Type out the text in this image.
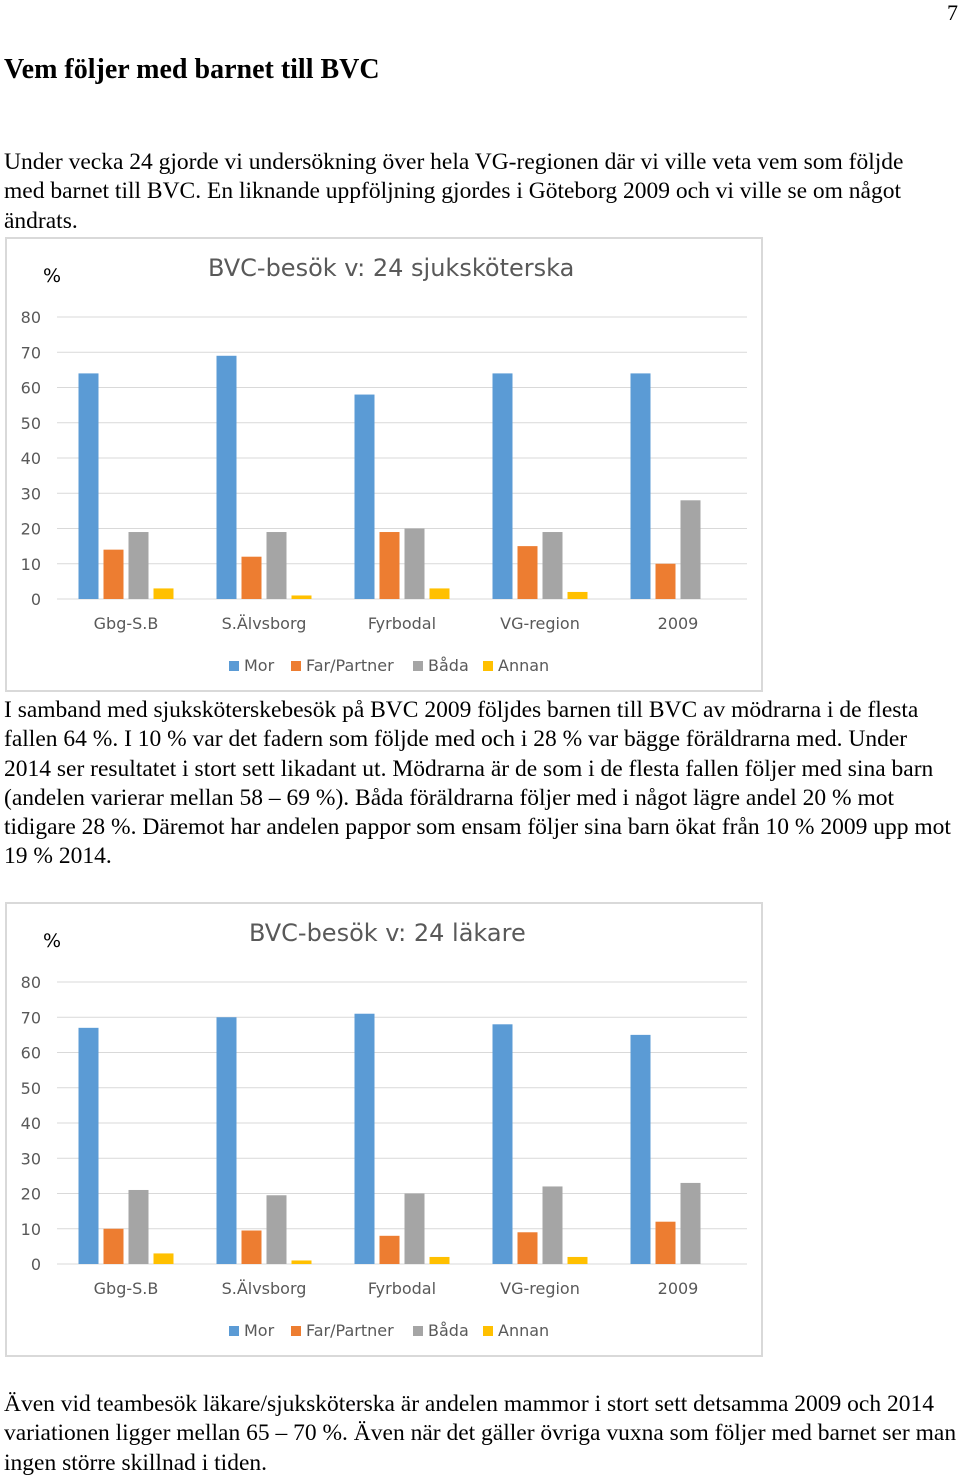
7
Vem följer med barnet till BVC

Under vecka 24 gjorde vi undersökning över hela VG-regionen där vi ville veta vem som följde med barnet till BVC. En liknande uppföljning gjordes i Göteborg 2009 och vi ville se om något ändrats.

BVC-besök v: 24 sjuksköterska
%
0
10
20
30
40
50
60
70
80
Gbg-S.B	S.Älvsborg	Fyrbodal	VG-region	2009
Mor Far/Partner Båda Annan

I samband med sjuksköterskebesök på BVC 2009 följdes barnen till BVC av mödrarna i de flesta fallen 64 %. I 10 % var det fadern som följde med och i 28 % var bägge föräldrarna med. Under 2014 ser resultatet i stort sett likadant ut. Mödrarna är de som i de flesta fallen följer med sina barn (andelen varierar mellan 58 – 69 %). Båda föräldrarna följer med i något lägre andel 20 % mot tidigare 28 %. Däremot har andelen pappor som ensam följer sina barn ökat från 10 % 2009 upp mot 19 % 2014.

BVC-besök v: 24 läkare
%
0
10
20
30
40
50
60
70
80
Gbg-S.B	S.Älvsborg	Fyrbodal	VG-region	2009
Mor Far/Partner Båda Annan

Även vid teambesök läkare/sjuksköterska är andelen mammor i stort sett detsamma 2009 och 2014 variationen ligger mellan 65 – 70 %. Även när det gäller övriga vuxna som följer med barnet ser man ingen större skillnad i tiden.
